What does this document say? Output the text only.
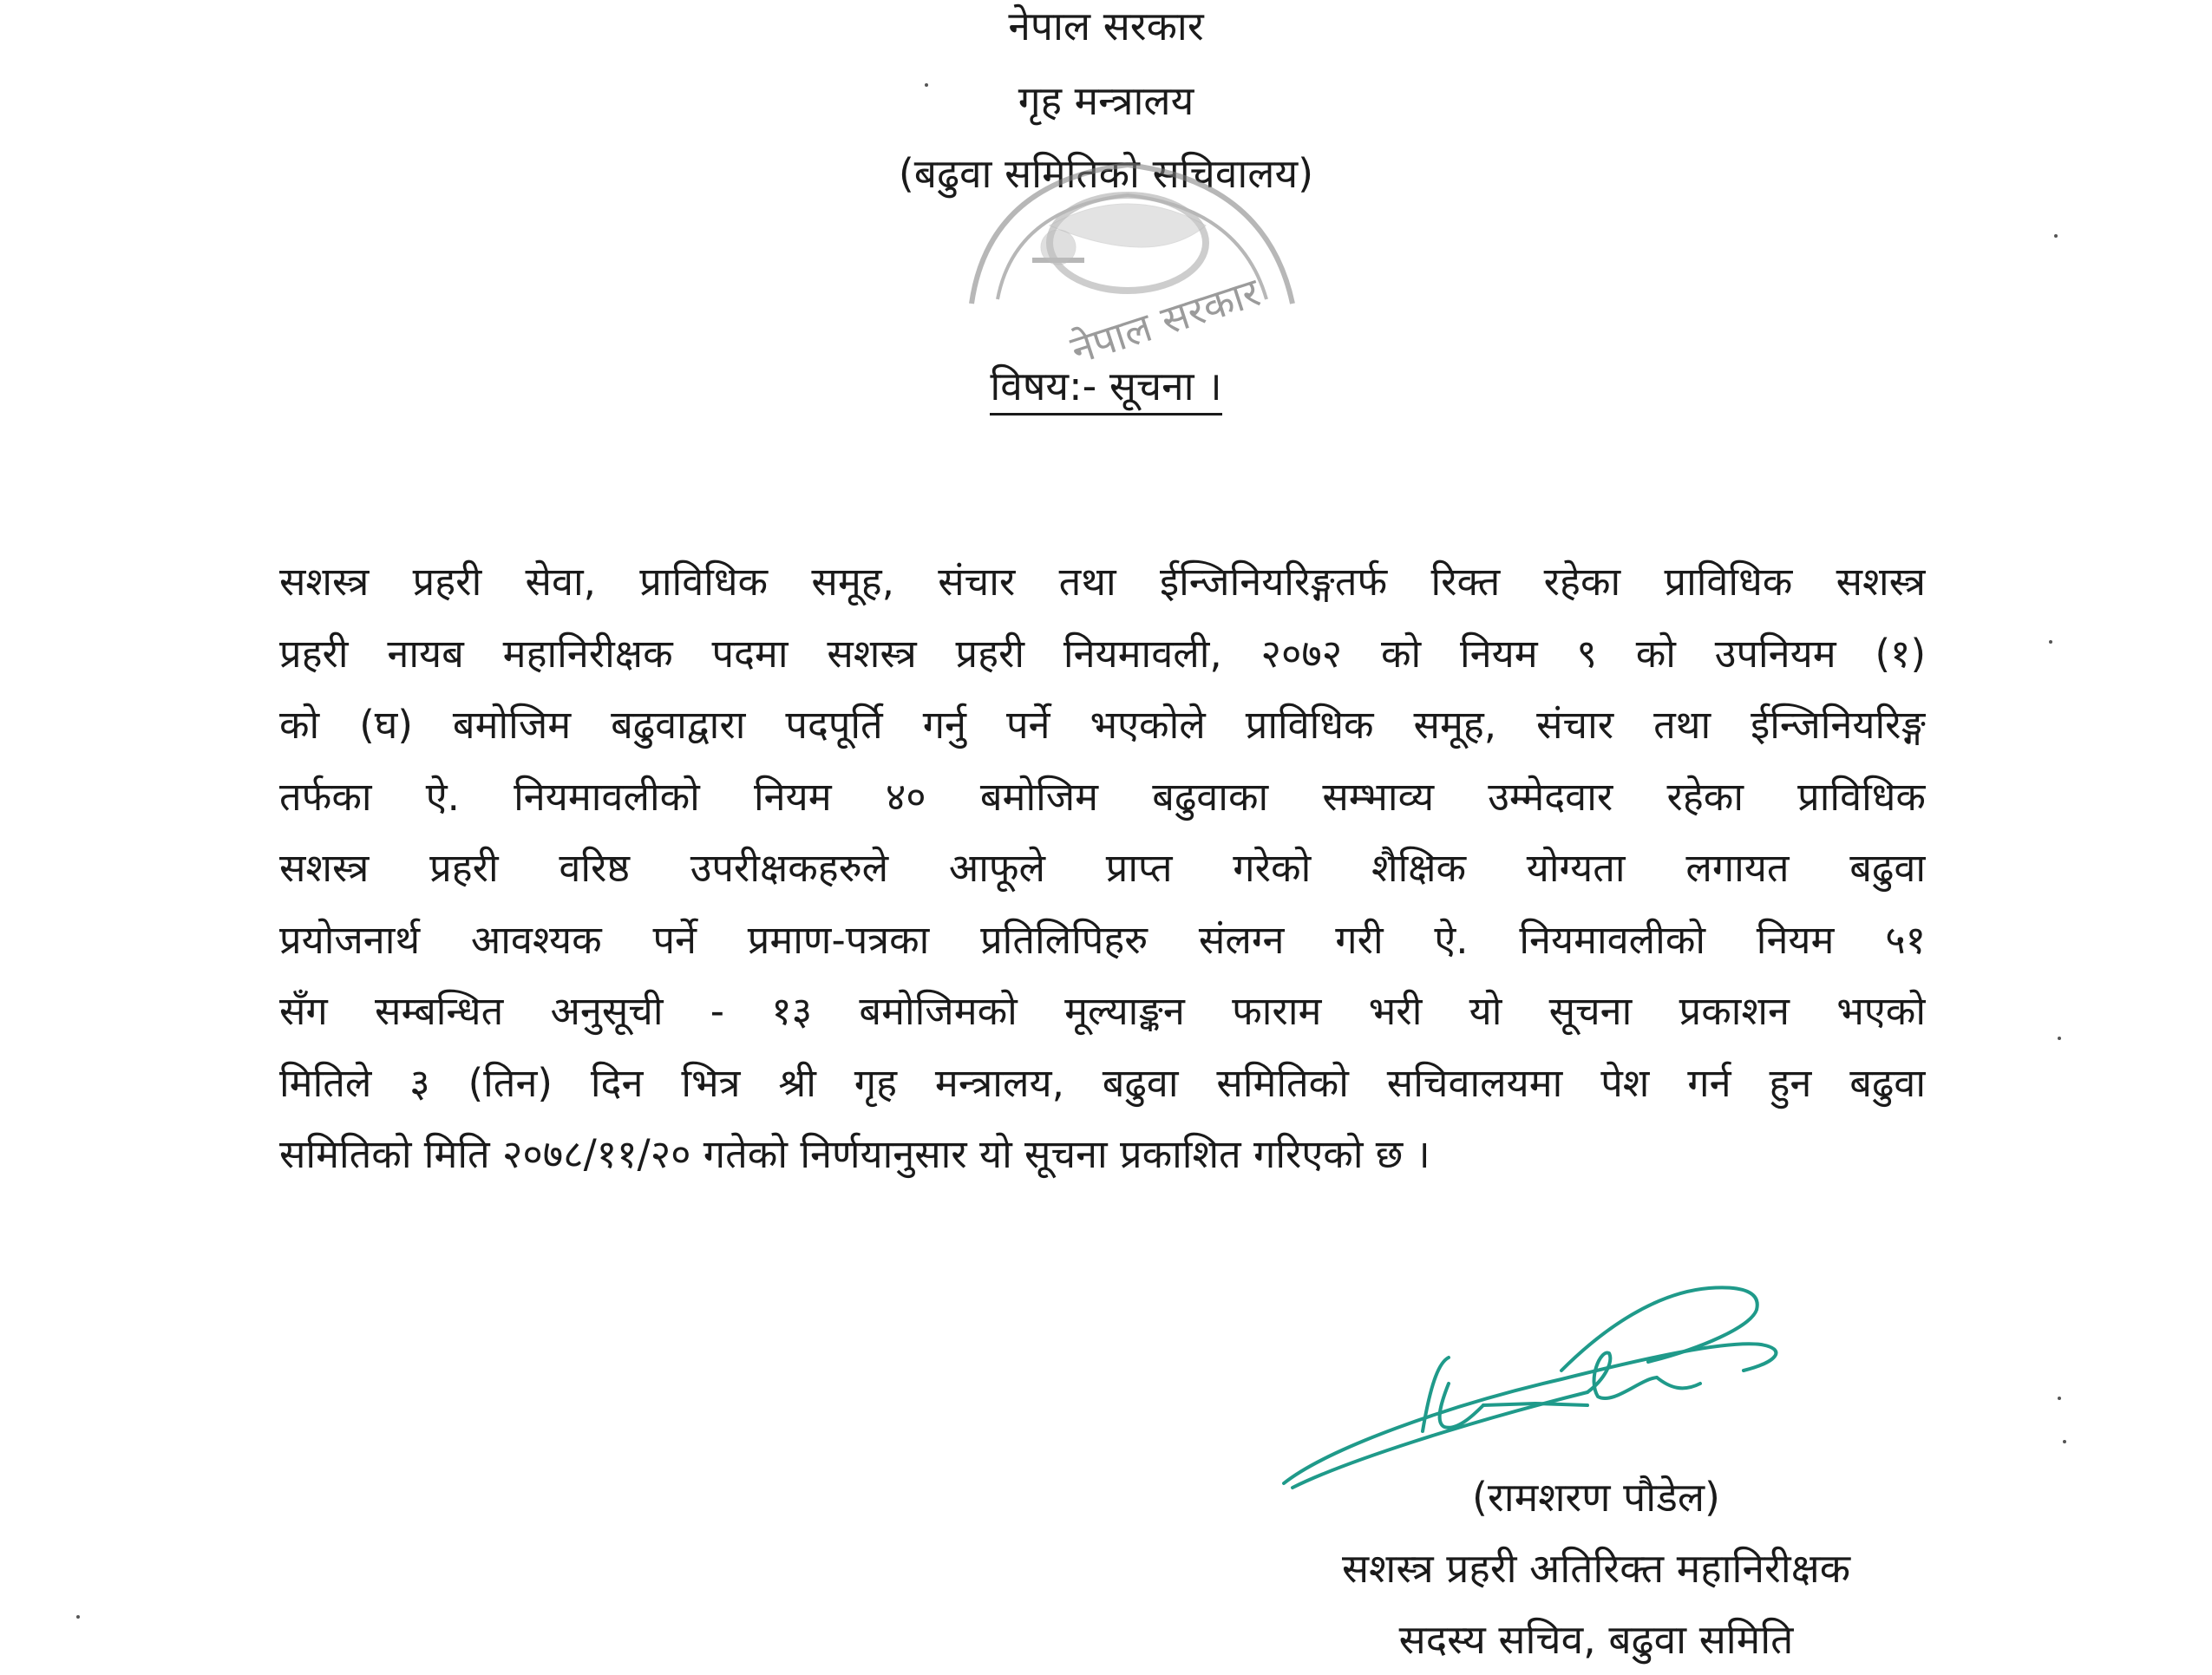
नेपाल सरकार
गृह मन्त्रालय
(बढुवा समितिको सचिवालय)
नेपाल सरकार
विषय:- सूचना ।
सशस्त्र प्रहरी सेवा, प्राविधिक समूह, संचार तथा ईन्जिनियरिङ्गतर्फ रिक्त रहेका प्राविधिक सशस्त्र
प्रहरी नायब महानिरीक्षक पदमा सशस्त्र प्रहरी नियमावली, २०७२ को नियम ९ को उपनियम (१)
को (घ) बमोजिम बढुवाद्वारा पदपूर्ति गर्नु पर्ने भएकोले प्राविधिक समूह, संचार तथा ईन्जिनियरिङ्ग
तर्फका ऐ. नियमावलीको नियम ४० बमोजिम बढुवाका सम्भाव्य उम्मेदवार रहेका प्राविधिक
सशस्त्र प्रहरी वरिष्ठ उपरीक्षकहरुले आफूले प्राप्त गरेको शैक्षिक योग्यता लगायत बढुवा
प्रयोजनार्थ आवश्यक पर्ने प्रमाण-पत्रका प्रतिलिपिहरु संलग्न गरी ऐ. नियमावलीको नियम ५१
सँग सम्बन्धित अनुसूची - १३ बमोजिमको मूल्याङ्कन फाराम भरी यो सूचना प्रकाशन भएको
मितिले ३ (तिन) दिन भित्र श्री गृह मन्त्रालय, बढुवा समितिको सचिवालयमा पेश गर्न हुन बढुवा
समितिको मिति २०७८/११/२० गतेको निर्णयानुसार यो सूचना प्रकाशित गरिएको छ ।
(रामशरण पौडेल)
सशस्त्र प्रहरी अतिरिक्त महानिरीक्षक
सदस्य सचिव, बढुवा समिति
